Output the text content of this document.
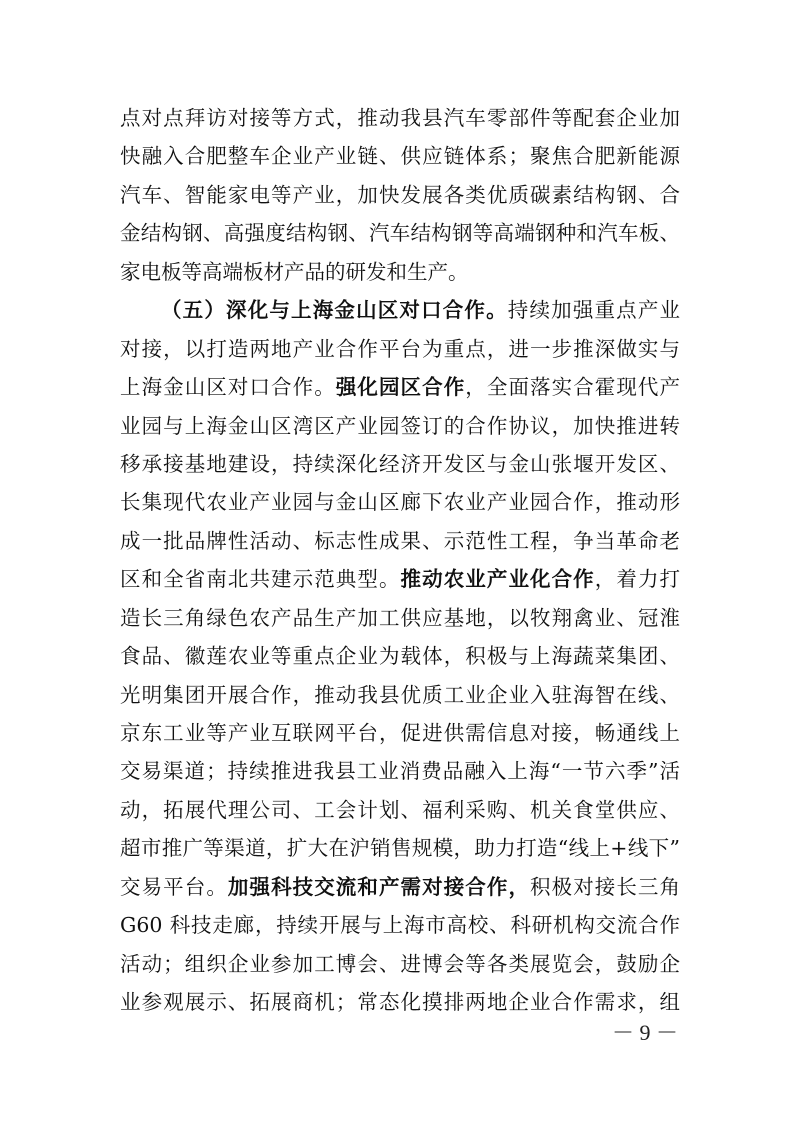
点对点拜访对接等方式，推动我县汽车零部件等配套企业加
快融入合肥整车企业产业链、供应链体系；聚焦合肥新能源
汽车、智能家电等产业，加快发展各类优质碳素结构钢、合
金结构钢、高强度结构钢、汽车结构钢等高端钢种和汽车板、
家电板等高端板材产品的研发和生产。
（五）深化与上海金山区对口合作。持续加强重点产业
对接，以打造两地产业合作平台为重点，进一步推深做实与
上海金山区对口合作。强化园区合作，全面落实合霍现代产
业园与上海金山区湾区产业园签订的合作协议，加快推进转
移承接基地建设，持续深化经济开发区与金山张堰开发区、
长集现代农业产业园与金山区廊下农业产业园合作，推动形
成一批品牌性活动、标志性成果、示范性工程，争当革命老
区和全省南北共建示范典型。推动农业产业化合作，着力打
造长三角绿色农产品生产加工供应基地，以牧翔禽业、冠淮
食品、徽莲农业等重点企业为载体，积极与上海蔬菜集团、
光明集团开展合作，推动我县优质工业企业入驻海智在线、
京东工业等产业互联网平台，促进供需信息对接，畅通线上
交易渠道；持续推进我县工业消费品融入上海“一节六季”活
动，拓展代理公司、工会计划、福利采购、机关食堂供应、
超市推广等渠道，扩大在沪销售规模，助力打造“线上+线下”
交易平台。加强科技交流和产需对接合作，积极对接长三角
G60 科技走廊，持续开展与上海市高校、科研机构交流合作
活动；组织企业参加工博会、进博会等各类展览会，鼓励企
业参观展示、拓展商机；常态化摸排两地企业合作需求，组
－ 9 －
